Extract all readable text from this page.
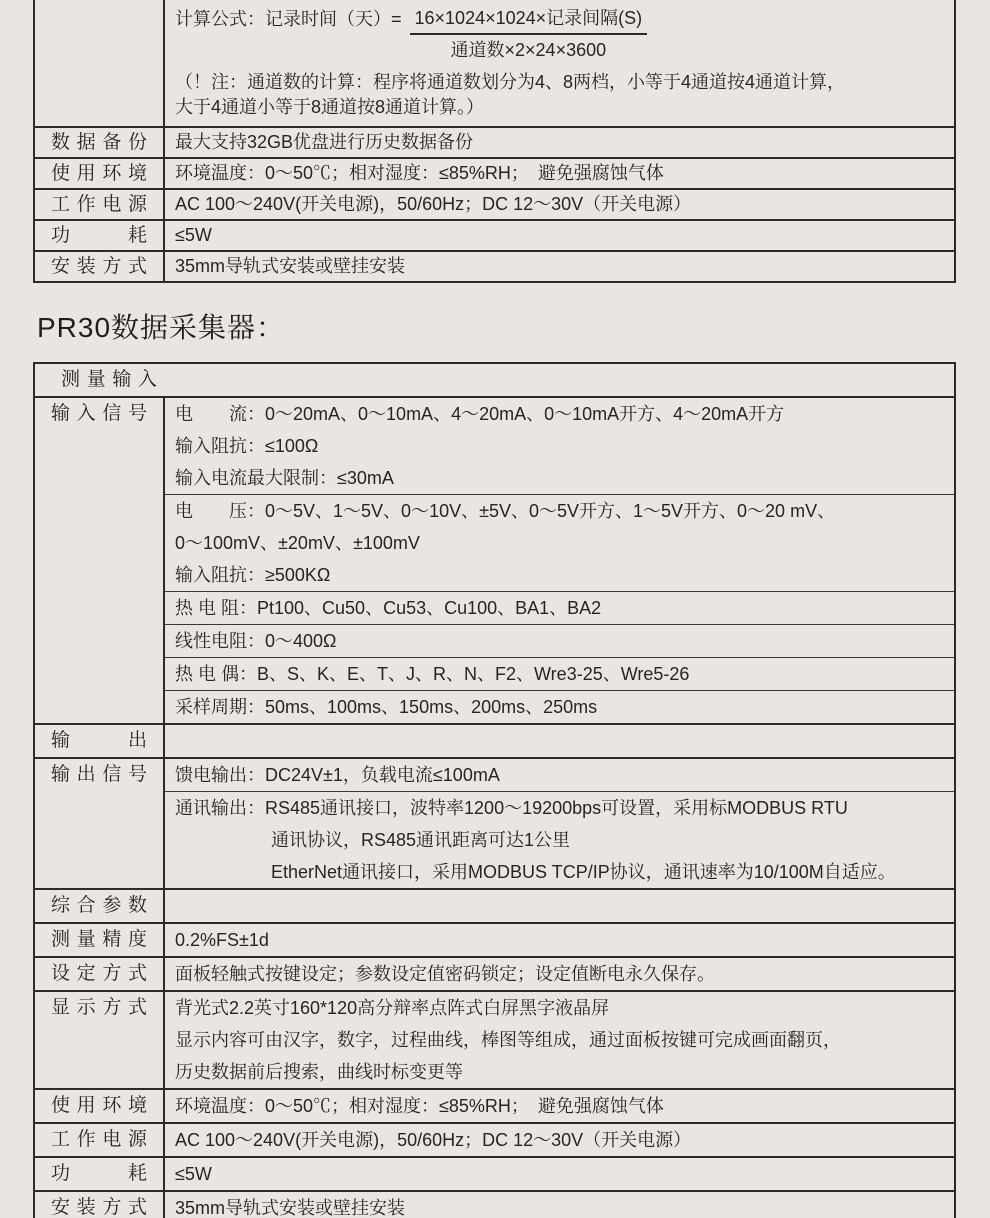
计算公式：记录时间（天）= $\frac{\text{16×1024×1024×记录间隔(S)}}{\text{通道数×2×24×3600}}$
（！注：通道数的计算：程序将通道数划分为4、8两档，小等于4通道按4通道计算，
大于4通道小等于8通道按8通道计算。）
数据备份	最大支持32GB优盘进行历史数据备份
使用环境	环境温度：0～50℃；相对湿度：≤85%RH；　避免强腐蚀气体
工作电源	AC 100～240V(开关电源)，50/60Hz；DC 12～30V（开关电源）
功耗	≤5W
安装方式	35mm导轨式安装或壁挂安装
PR30数据采集器：
测量输入
输入信号	电　　流：0～20mA、0～10mA、4～20mA、0～10mA开方、4～20mA开方
输入阻抗：≤100Ω
输入电流最大限制：≤30mA
电　　压：0～5V、1～5V、0～10V、±5V、0～5V开方、1～5V开方、0～20 mV、
0～100mV、±20mV、±100mV
输入阻抗：≥500KΩ
热 电 阻：Pt100、Cu50、Cu53、Cu100、BA1、BA2
线性电阻：0～400Ω
热 电 偶：B、S、K、E、T、J、R、N、F2、Wre3-25、Wre5-26
采样周期：50ms、100ms、150ms、200ms、250ms
输出
输出信号	馈电输出：DC24V±1，负载电流≤100mA
通讯输出：RS485通讯接口，波特率1200～19200bps可设置，采用标MODBUS RTU
通讯协议，RS485通讯距离可达1公里
EtherNet通讯接口，采用MODBUS TCP/IP协议，通讯速率为10/100M自适应。
综合参数
测量精度	0.2%FS±1d
设定方式	面板轻触式按键设定；参数设定值密码锁定；设定值断电永久保存。
显示方式	背光式2.2英寸160*120高分辩率点阵式白屏黑字液晶屏
显示内容可由汉字，数字，过程曲线，棒图等组成，通过面板按键可完成画面翻页，
历史数据前后搜索，曲线时标变更等
使用环境	环境温度：0～50℃；相对湿度：≤85%RH；　避免强腐蚀气体
工作电源	AC 100～240V(开关电源)，50/60Hz；DC 12～30V（开关电源）
功耗	≤5W
安装方式	35mm导轨式安装或壁挂安装
